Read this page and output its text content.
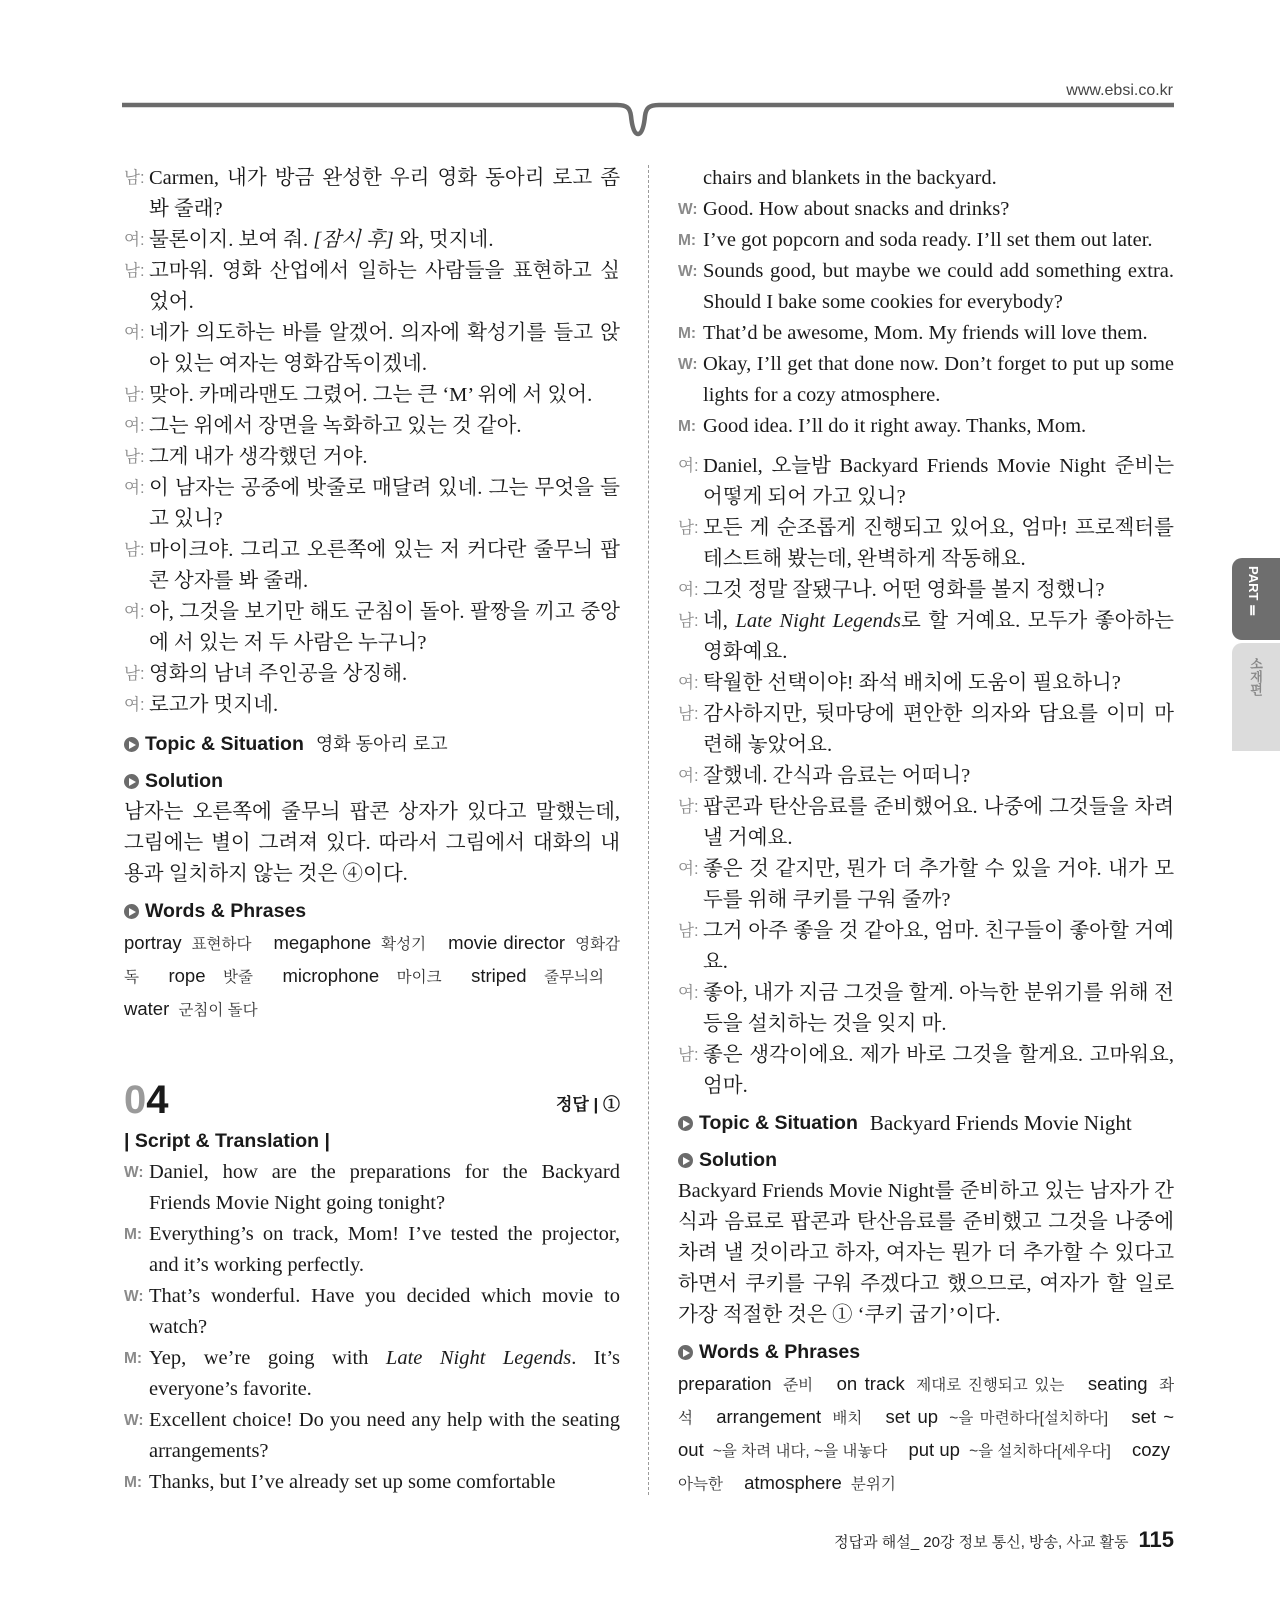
www.ebsi.co.kr
남: Carmen, 내가 방금 완성한 우리 영화 동아리 로고 좀 봐 줄래?
여: 물론이지. 보여 줘. [잠시 후] 와, 멋지네.
남: 고마워. 영화 산업에서 일하는 사람들을 표현하고 싶었어.
여: 네가 의도하는 바를 알겠어. 의자에 확성기를 들고 앉아 있는 여자는 영화감독이겠네.
남: 맞아. 카메라맨도 그렸어. 그는 큰 ‘M’ 위에 서 있어.
여: 그는 위에서 장면을 녹화하고 있는 것 같아.
남: 그게 내가 생각했던 거야.
여: 이 남자는 공중에 밧줄로 매달려 있네. 그는 무엇을 들고 있니?
남: 마이크야. 그리고 오른쪽에 있는 저 커다란 줄무늬 팝콘 상자를 봐 줄래.
여: 아, 그것을 보기만 해도 군침이 돌아. 팔짱을 끼고 중앙에 서 있는 저 두 사람은 누구니?
남: 영화의 남녀 주인공을 상징해.
여: 로고가 멋지네.
Topic & Situation 영화 동아리 로고
Solution
남자는 오른쪽에 줄무늬 팝콘 상자가 있다고 말했는데, 그림에는 별이 그려져 있다. 따라서 그림에서 대화의 내용과 일치하지 않는 것은 ④이다.
Words & Phrases
portray 표현하다 megaphone 확성기 movie director 영화감독 rope 밧줄 microphone 마이크 striped 줄무늬의 water 군침이 돌다
04	정답 | ①
| Script & Translation |
W: Daniel, how are the preparations for the Backyard Friends Movie Night going tonight?
M: Everything’s on track, Mom! I’ve tested the projector, and it’s working perfectly.
W: That’s wonderful. Have you decided which movie to watch?
M: Yep, we’re going with Late Night Legends. It’s everyone’s favorite.
W: Excellent choice! Do you need any help with the seating arrangements?
M: Thanks, but I’ve already set up some comfortable
chairs and blankets in the backyard.
W: Good. How about snacks and drinks?
M: I’ve got popcorn and soda ready. I’ll set them out later.
W: Sounds good, but maybe we could add something extra. Should I bake some cookies for everybody?
M: That’d be awesome, Mom. My friends will love them.
W: Okay, I’ll get that done now. Don’t forget to put up some lights for a cozy atmosphere.
M: Good idea. I’ll do it right away. Thanks, Mom.
여: Daniel, 오늘밤 Backyard Friends Movie Night 준비는 어떻게 되어 가고 있니?
남: 모든 게 순조롭게 진행되고 있어요, 엄마! 프로젝터를 테스트해 봤는데, 완벽하게 작동해요.
여: 그것 정말 잘됐구나. 어떤 영화를 볼지 정했니?
남: 네, Late Night Legends로 할 거예요. 모두가 좋아하는 영화예요.
여: 탁월한 선택이야! 좌석 배치에 도움이 필요하니?
남: 감사하지만, 뒷마당에 편안한 의자와 담요를 이미 마련해 놓았어요.
여: 잘했네. 간식과 음료는 어떠니?
남: 팝콘과 탄산음료를 준비했어요. 나중에 그것들을 차려 낼 거예요.
여: 좋은 것 같지만, 뭔가 더 추가할 수 있을 거야. 내가 모두를 위해 쿠키를 구워 줄까?
남: 그거 아주 좋을 것 같아요, 엄마. 친구들이 좋아할 거예요.
여: 좋아, 내가 지금 그것을 할게. 아늑한 분위기를 위해 전등을 설치하는 것을 잊지 마.
남: 좋은 생각이에요. 제가 바로 그것을 할게요. 고마워요, 엄마.
Topic & Situation Backyard Friends Movie Night
Solution
Backyard Friends Movie Night를 준비하고 있는 남자가 간식과 음료로 팝콘과 탄산음료를 준비했고 그것을 나중에 차려 낼 것이라고 하자, 여자는 뭔가 더 추가할 수 있다고 하면서 쿠키를 구워 주겠다고 했으므로, 여자가 할 일로 가장 적절한 것은 ① ‘쿠키 굽기’이다.
Words & Phrases
preparation 준비 on track 제대로 진행되고 있는 seating 좌석 arrangement 배치 set up ~을 마련하다[설치하다] set ~ out ~을 차려 내다, ~을 내놓다 put up ~을 설치하다[세우다] cozy 아늑한 atmosphere 분위기
PART Ⅱ
소재편
정답과 해설_ 20강 정보 통신, 방송, 사교 활동 115
